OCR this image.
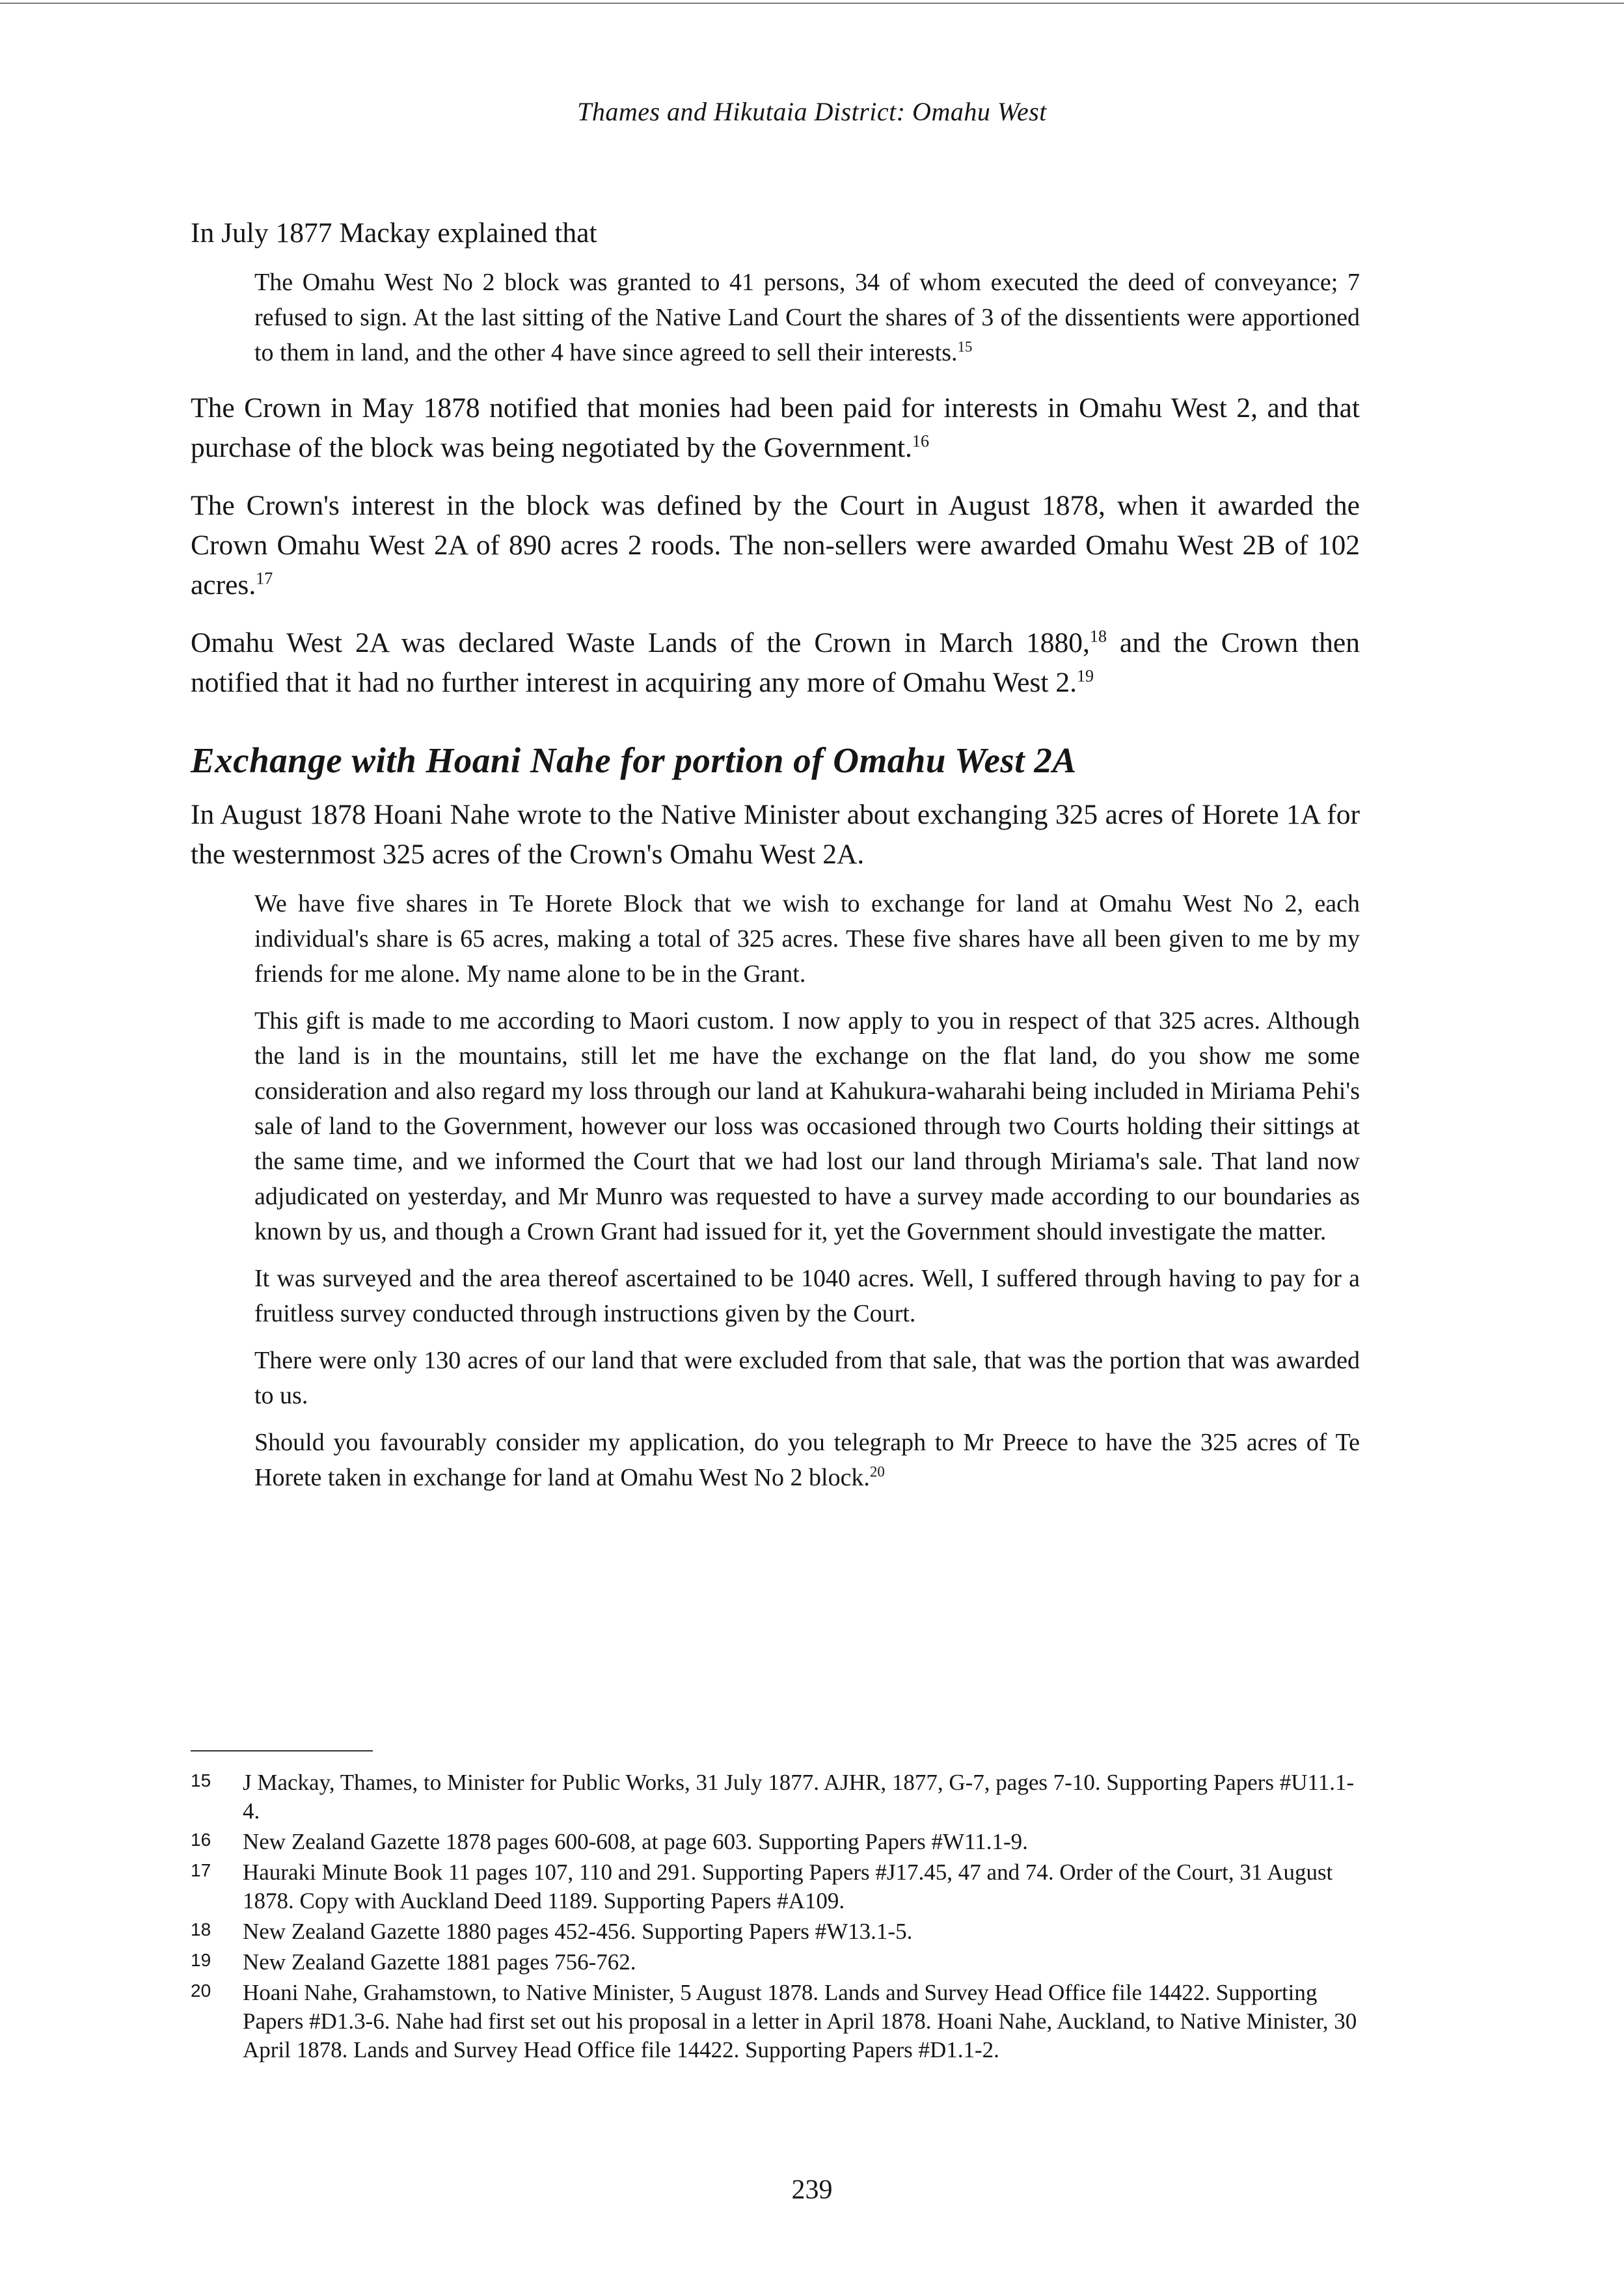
Thames and Hikutaia District: Omahu West

In July 1877 Mackay explained that

The Omahu West No 2 block was granted to 41 persons, 34 of whom executed the deed of conveyance; 7 refused to sign. At the last sitting of the Native Land Court the shares of 3 of the dissentients were apportioned to them in land, and the other 4 have since agreed to sell their interests.$^{15}$

The Crown in May 1878 notified that monies had been paid for interests in Omahu West 2, and that purchase of the block was being negotiated by the Government.$^{16}$

The Crown's interest in the block was defined by the Court in August 1878, when it awarded the Crown Omahu West 2A of 890 acres 2 roods. The non-sellers were awarded Omahu West 2B of 102 acres.$^{17}$

Omahu West 2A was declared Waste Lands of the Crown in March 1880,18 and the Crown then notified that it had no further interest in acquiring any more of Omahu West 2.19

Exchange with Hoani Nahe for portion of Omahu West 2A

In August 1878 Hoani Nahe wrote to the Native Minister about exchanging 325 acres of Horete 1A for the westernmost 325 acres of the Crown's Omahu West 2A.

We have five shares in Te Horete Block that we wish to exchange for land at Omahu West No 2, each individual's share is 65 acres, making a total of 325 acres. These five shares have all been given to me by my friends for me alone. My name alone to be in the Grant.
This gift is made to me according to Maori custom. I now apply to you in respect of that 325 acres. Although the land is in the mountains, still let me have the exchange on the flat land, do you show me some consideration and also regard my loss through our land at Kahukura-waharahi being included in Miriama Pehi's sale of land to the Government, however our loss was occasioned through two Courts holding their sittings at the same time, and we informed the Court that we had lost our land through Miriama's sale. That land now adjudicated on yesterday, and Mr Munro was requested to have a survey made according to our boundaries as known by us, and though a Crown Grant had issued for it, yet the Government should investigate the matter.
It was surveyed and the area thereof ascertained to be 1040 acres. Well, I suffered through having to pay for a fruitless survey conducted through instructions given by the Court.
There were only 130 acres of our land that were excluded from that sale, that was the portion that was awarded to us.
Should you favourably consider my application, do you telegraph to Mr Preece to have the 325 acres of Te Horete taken in exchange for land at Omahu West No 2 block.$^{20}$
15	J Mackay, Thames, to Minister for Public Works, 31 July 1877. AJHR, 1877, G-7, pages 7-10. Supporting Papers #U11.1-4.
16	New Zealand Gazette 1878 pages 600-608, at page 603. Supporting Papers #W11.1-9.
17	Hauraki Minute Book 11 pages 107, 110 and 291. Supporting Papers #J17.45, 47 and 74. Order of the Court, 31 August 1878. Copy with Auckland Deed 1189. Supporting Papers #A109.
18	New Zealand Gazette 1880 pages 452-456. Supporting Papers #W13.1-5.
19	New Zealand Gazette 1881 pages 756-762.
20	Hoani Nahe, Grahamstown, to Native Minister, 5 August 1878. Lands and Survey Head Office file 14422. Supporting Papers #D1.3-6. Nahe had first set out his proposal in a letter in April 1878. Hoani Nahe, Auckland, to Native Minister, 30 April 1878. Lands and Survey Head Office file 14422. Supporting Papers #D1.1-2.
239
